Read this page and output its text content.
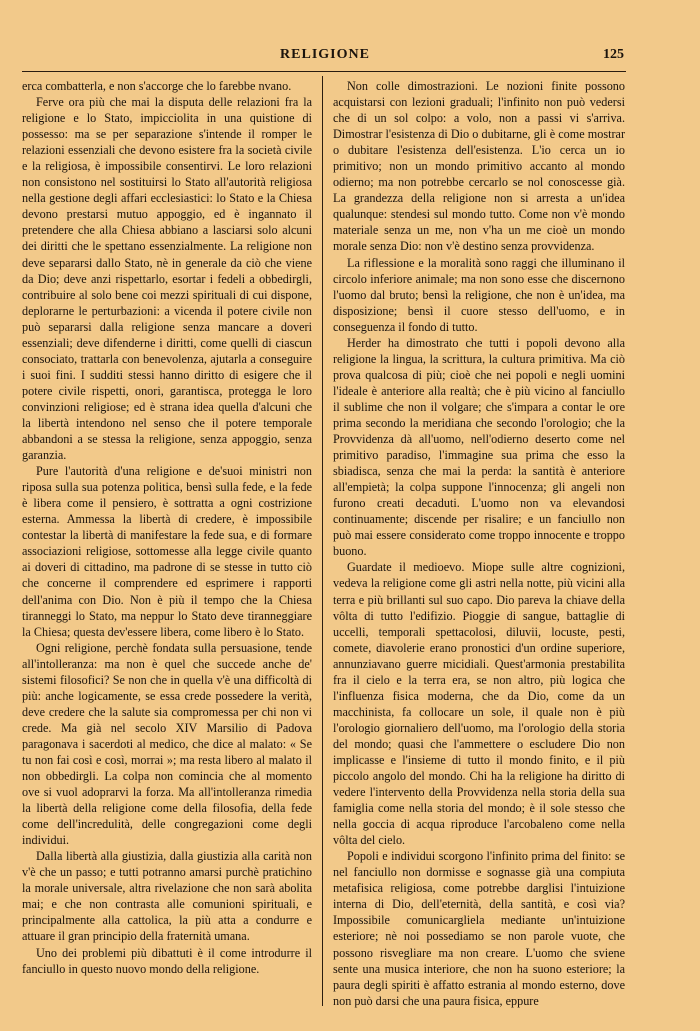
RELIGIONE	125

erca combatterla, e non s'accorge che lo farebbe nvano.

Ferve ora più che mai la disputa delle relazioni fra la religione e lo Stato, impicciolita in una quistione di possesso: ma se per separazione s'intende il romper le relazioni essenziali che devono esistere fra la società civile e la religiosa, è impossibile consentirvi. Le loro relazioni non consistono nel sostituirsi lo Stato all'autorità religiosa nella gestione degli affari ecclesiastici: lo Stato e la Chiesa devono prestarsi mutuo appoggio, ed è ingannato il pretendere che alla Chiesa abbiano a lasciarsi solo alcuni dei diritti che le spettano essenzialmente. La religione non deve separarsi dallo Stato, nè in generale da ciò che viene da Dio; deve anzi rispettarlo, esortar i fedeli a obbedirgli, contribuire al solo bene coi mezzi spirituali di cui dispone, deplorarne le perturbazioni: a vicenda il potere civile non può separarsi dalla religione senza mancare a doveri essenziali; deve difenderne i diritti, come quelli di ciascun consociato, trattarla con benevolenza, ajutarla a conseguire i suoi fini. I sudditi stessi hanno diritto di esigere che il potere civile rispetti, onori, garantisca, protegga le loro convinzioni religiose; ed è strana idea quella d'alcuni che la libertà intendono nel senso che il potere temporale abbandoni a se stessa la religione, senza appoggio, senza garanzia.

Pure l'autorità d'una religione e de'suoi ministri non riposa sulla sua potenza politica, bensì sulla fede, e la fede è libera come il pensiero, è sottratta a ogni costrizione esterna. Ammessa la libertà di credere, è impossibile contestar la libertà di manifestare la fede sua, e di formare associazioni religiose, sottomesse alla legge civile quanto ai doveri di cittadino, ma padrone di se stesse in tutto ciò che concerne il comprendere ed esprimere i rapporti dell'anima con Dio. Non è più il tempo che la Chiesa tiranneggi lo Stato, ma neppur lo Stato deve tiranneggiare la Chiesa; questa dev'essere libera, come libero è lo Stato.

Ogni religione, perchè fondata sulla persuasione, tende all'intolleranza: ma non è quel che succede anche de' sistemi filosofici? Se non che in quella v'è una difficoltà di più: anche logicamente, se essa crede possedere la verità, deve credere che la salute sia compromessa per chi non vi crede. Ma già nel secolo XIV Marsilio di Padova paragonava i sacerdoti al medico, che dice al malato: « Se tu non fai così e così, morrai »; ma resta libero al malato il non obbedirgli. La colpa non comincia che al momento ove si vuol adoprarvi la forza. Ma all'intolleranza rimedia la libertà della religione come della filosofia, della fede come dell'incredulità, delle congregazioni come degli individui.

Dalla libertà alla giustizia, dalla giustizia alla carità non v'è che un passo; e tutti potranno amarsi purchè pratichino la morale universale, altra rivelazione che non sarà abolita mai; e che non contrasta alle comunioni spirituali, e principalmente alla cattolica, la più atta a condurre e attuare il gran principio della fraternità umana.

Uno dei problemi più dibattuti è il come introdurre il fanciullo in questo nuovo mondo della religione.

Non colle dimostrazioni. Le nozioni finite possono acquistarsi con lezioni graduali; l'infinito non può vedersi che di un sol colpo: a volo, non a passi vi s'arriva. Dimostrar l'esistenza di Dio o dubitarne, gli è come mostrar o dubitare l'esistenza dell'esistenza. L'io cerca un io primitivo; non un mondo primitivo accanto al mondo odierno; ma non potrebbe cercarlo se nol conoscesse già. La grandezza della religione non si arresta a un'idea qualunque: stendesi sul mondo tutto. Come non v'è mondo materiale senza un me, non v'ha un me cioè un mondo morale senza Dio: non v'è destino senza provvidenza.

La riflessione e la moralità sono raggi che illuminano il circolo inferiore animale; ma non sono esse che discernono l'uomo dal bruto; bensì la religione, che non è un'idea, ma disposizione; bensì il cuore stesso dell'uomo, e in conseguenza il fondo di tutto.

Herder ha dimostrato che tutti i popoli devono alla religione la lingua, la scrittura, la cultura primitiva. Ma ciò prova qualcosa di più; cioè che nei popoli e negli uomini l'ideale è anteriore alla realtà; che è più vicino al fanciullo il sublime che non il volgare; che s'impara a contar le ore prima secondo la meridiana che secondo l'orologio; che la Provvidenza dà all'uomo, nell'odierno deserto come nel primitivo paradiso, l'immagine sua prima che esso la sbiadisca, senza che mai la perda: la santità è anteriore all'empietà; la colpa suppone l'innocenza; gli angeli non furono creati decaduti. L'uomo non va elevandosi continuamente; discende per risalire; e un fanciullo non può mai essere considerato come troppo innocente e troppo buono.

Guardate il medioevo. Miope sulle altre cognizioni, vedeva la religione come gli astri nella notte, più vicini alla terra e più brillanti sul suo capo. Dio pareva la chiave della vôlta di tutto l'edifizio. Pioggie di sangue, battaglie di uccelli, temporali spettacolosi, diluvii, locuste, pesti, comete, diavolerie erano pronostici d'un ordine superiore, annunziavano guerre micidiali. Quest'armonia prestabilita fra il cielo e la terra era, se non altro, più logica che l'influenza fisica moderna, che da Dio, come da un macchinista, fa collocare un sole, il quale non è più l'orologio giornaliero dell'uomo, ma l'orologio della storia del mondo; quasi che l'ammettere o escludere Dio non implicasse e l'insieme di tutto il mondo finito, e il più piccolo angolo del mondo. Chi ha la religione ha diritto di vedere l'intervento della Provvidenza nella storia della sua famiglia come nella storia del mondo; è il sole stesso che nella goccia di acqua riproduce l'arcobaleno come nella vôlta del cielo.

Popoli e individui scorgono l'infinito prima del finito: se nel fanciullo non dormisse e sognasse già una compiuta metafisica religiosa, come potrebbe darglisi l'intuizione interna di Dio, dell'eternità, della santità, e così via? Impossibile comunicargliela mediante un'intuizione esteriore; nè noi possediamo se non parole vuote, che possono risvegliare ma non creare. L'uomo che sviene sente una musica interiore, che non ha suono esteriore; la paura degli spiriti è affatto estrania al mondo esterno, dove non può darsi che una paura fisica, eppure
